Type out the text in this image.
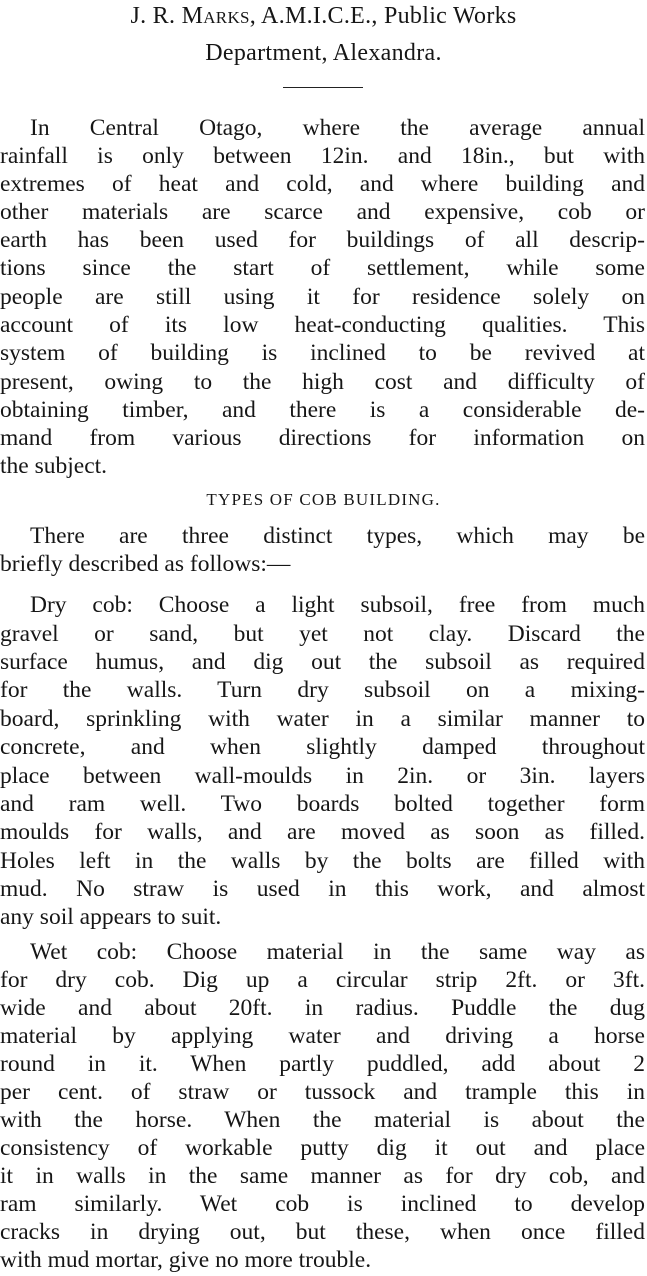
J. R. Marks, A.M.I.C.E., Public Works
Department, Alexandra.
In Central Otago, where the average annual
rainfall is only between 12in. and 18in., but with
extremes of heat and cold, and where building and
other materials are scarce and expensive, cob or
earth has been used for buildings of all descrip-
tions since the start of settlement, while some
people are still using it for residence solely on
account of its low heat-conducting qualities. This
system of building is inclined to be revived at
present, owing to the high cost and difficulty of
obtaining timber, and there is a considerable de-
mand from various directions for information on
the subject.
TYPES OF COB BUILDING.
There are three distinct types, which may be
briefly described as follows:—
Dry cob: Choose a light subsoil, free from much
gravel or sand, but yet not clay. Discard the
surface humus, and dig out the subsoil as required
for the walls. Turn dry subsoil on a mixing-
board, sprinkling with water in a similar manner to
concrete, and when slightly damped throughout
place between wall-moulds in 2in. or 3in. layers
and ram well. Two boards bolted together form
moulds for walls, and are moved as soon as filled.
Holes left in the walls by the bolts are filled with
mud. No straw is used in this work, and almost
any soil appears to suit.
Wet cob: Choose material in the same way as
for dry cob. Dig up a circular strip 2ft. or 3ft.
wide and about 20ft. in radius. Puddle the dug
material by applying water and driving a horse
round in it. When partly puddled, add about 2
per cent. of straw or tussock and trample this in
with the horse. When the material is about the
consistency of workable putty dig it out and place
it in walls in the same manner as for dry cob, and
ram similarly. Wet cob is inclined to develop
cracks in drying out, but these, when once filled
with mud mortar, give no more trouble.
